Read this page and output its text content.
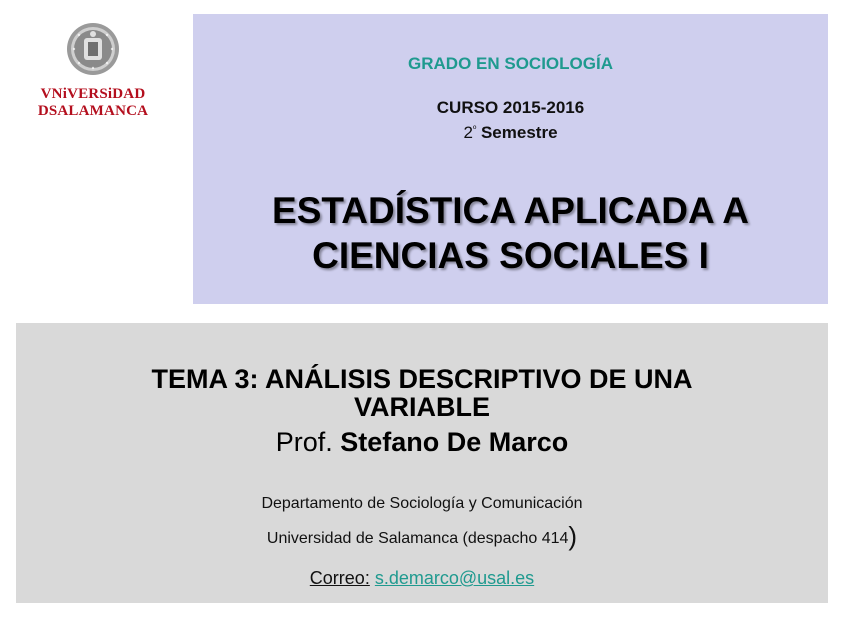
VNiVERSiDAD
DSALAMANCA
GRADO EN SOCIOLOGÍA
CURSO 2015-2016
$2^º$ Semestre
ESTADÍSTICA APLICADA A
CIENCIAS SOCIALES I
TEMA 3: ANÁLISIS DESCRIPTIVO DE UNA
VARIABLE
Prof. Stefano De Marco
Departamento de Sociología y Comunicación
Universidad de Salamanca (despacho 414)
Correo: s.demarco@usal.es
